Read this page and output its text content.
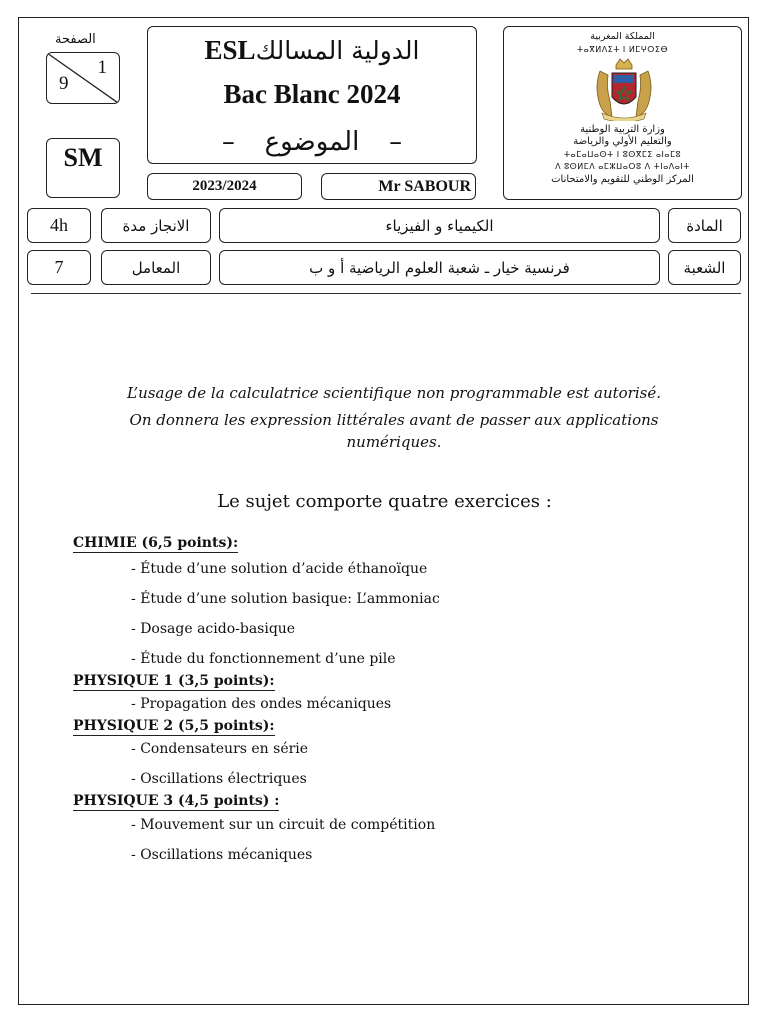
الصفحة
1
9
SM
ESLالدولية المسالك
Bac Blanc 2024
– الموضوع –
2023/2024	Mr SABOUR
المملكة المغربية
ⵜⴰⴳⵍⴷⵉⵜ ⵏ ⵍⵎⵖⵔⵉⴱ
وزارة التربية الوطنية
والتعليم الأولي والرياضة
ⵜⴰⵎⴰⵡⴰⵙⵜ ⵏ ⵓⵙⴳⵎⵉ ⴰⵏⴰⵎⵓ
ⴷ ⵓⵙⵍⵎⴷ ⴰⵎⵣⵡⴰⵔⵓ ⴷ ⵜⵏⴰⴷⴰⵏⵜ
المركز الوطني للتقويم والامتحانات
4h	الانجاز مدة	الكيمياء و الفيزياء	المادة
7	المعامل	فرنسية خيار ـ شعبة العلوم الرياضية أ و ب	الشعبة
L’usage de la calculatrice scientifique non programmable est autorisé.
On donnera les expression littérales avant de passer aux applications numériques.
Le sujet comporte quatre exercices :
CHIMIE (6,5 points):
- Étude d’une solution d’acide éthanoïque
- Étude d’une solution basique: L’ammoniac
- Dosage acido-basique
- Étude du fonctionnement d’une pile
PHYSIQUE 1 (3,5 points):
- Propagation des ondes mécaniques
PHYSIQUE 2 (5,5 points):
- Condensateurs en série
- Oscillations électriques
PHYSIQUE 3 (4,5 points) :
- Mouvement sur un circuit de compétition
- Oscillations mécaniques
